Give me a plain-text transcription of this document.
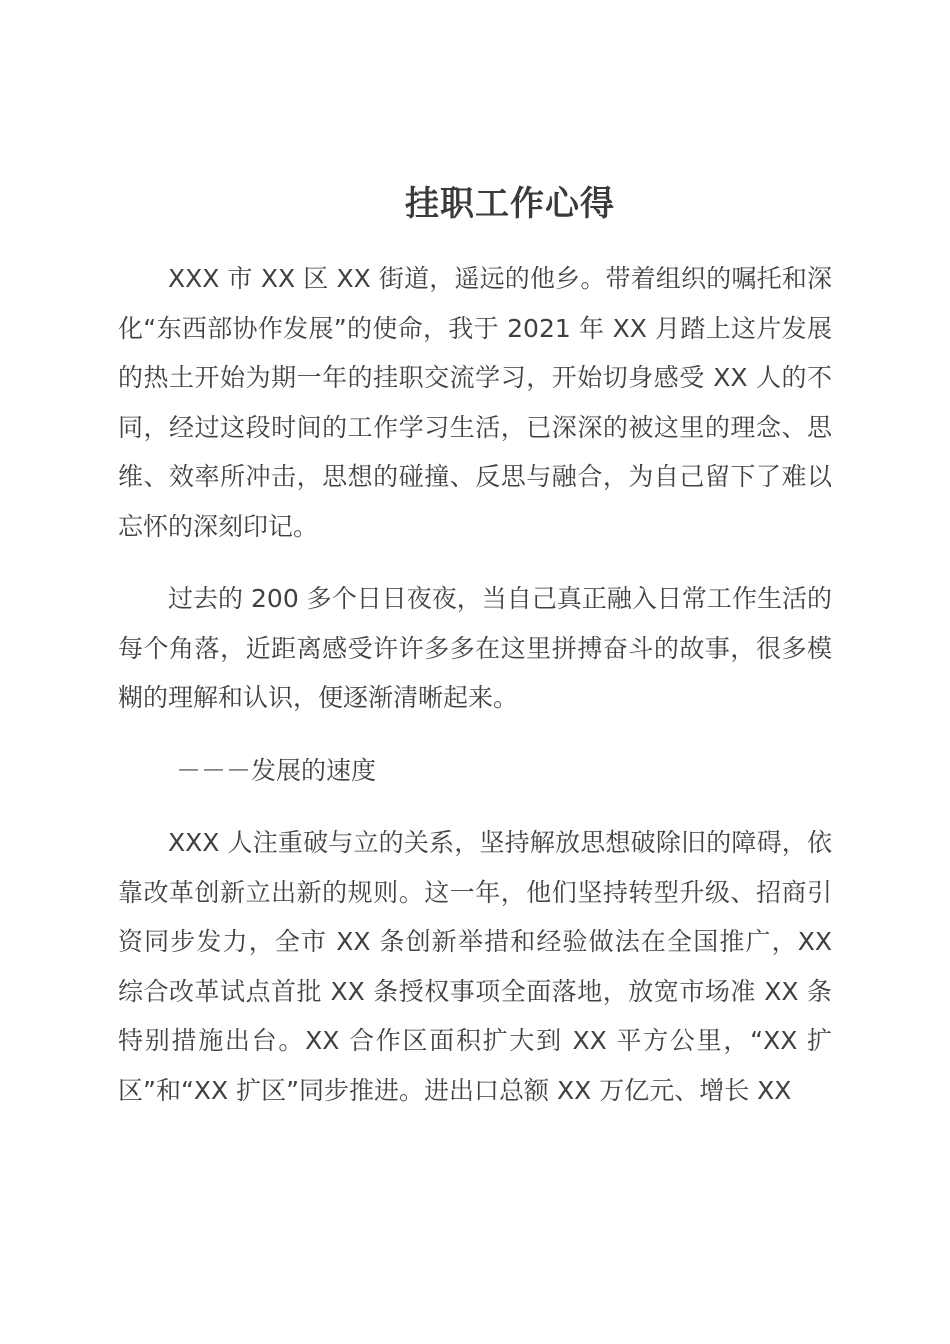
挂职工作心得

XXX 市 XX 区 XX 街道，遥远的他乡。带着组织的嘱托和深化“东西部协作发展”的使命，我于 2021 年 XX 月踏上这片发展的热土开始为期一年的挂职交流学习，开始切身感受 XX 人的不同，经过这段时间的工作学习生活，已深深的被这里的理念、思维、效率所冲击，思想的碰撞、反思与融合，为自己留下了难以忘怀的深刻印记。

过去的 200 多个日日夜夜，当自己真正融入日常工作生活的每个角落，近距离感受许许多多在这里拼搏奋斗的故事，很多模糊的理解和认识，便逐渐清晰起来。

－－－发展的速度

XXX 人注重破与立的关系，坚持解放思想破除旧的障碍，依靠改革创新立出新的规则。这一年，他们坚持转型升级、招商引资同步发力，全市 XX 条创新举措和经验做法在全国推广，XX 综合改革试点首批 XX 条授权事项全面落地，放宽市场准 XX 条特别措施出台。XX 合作区面积扩大到 XX 平方公里，“XX 扩区”和“XX 扩区”同步推进。进出口总额 XX 万亿元、增长 XX
